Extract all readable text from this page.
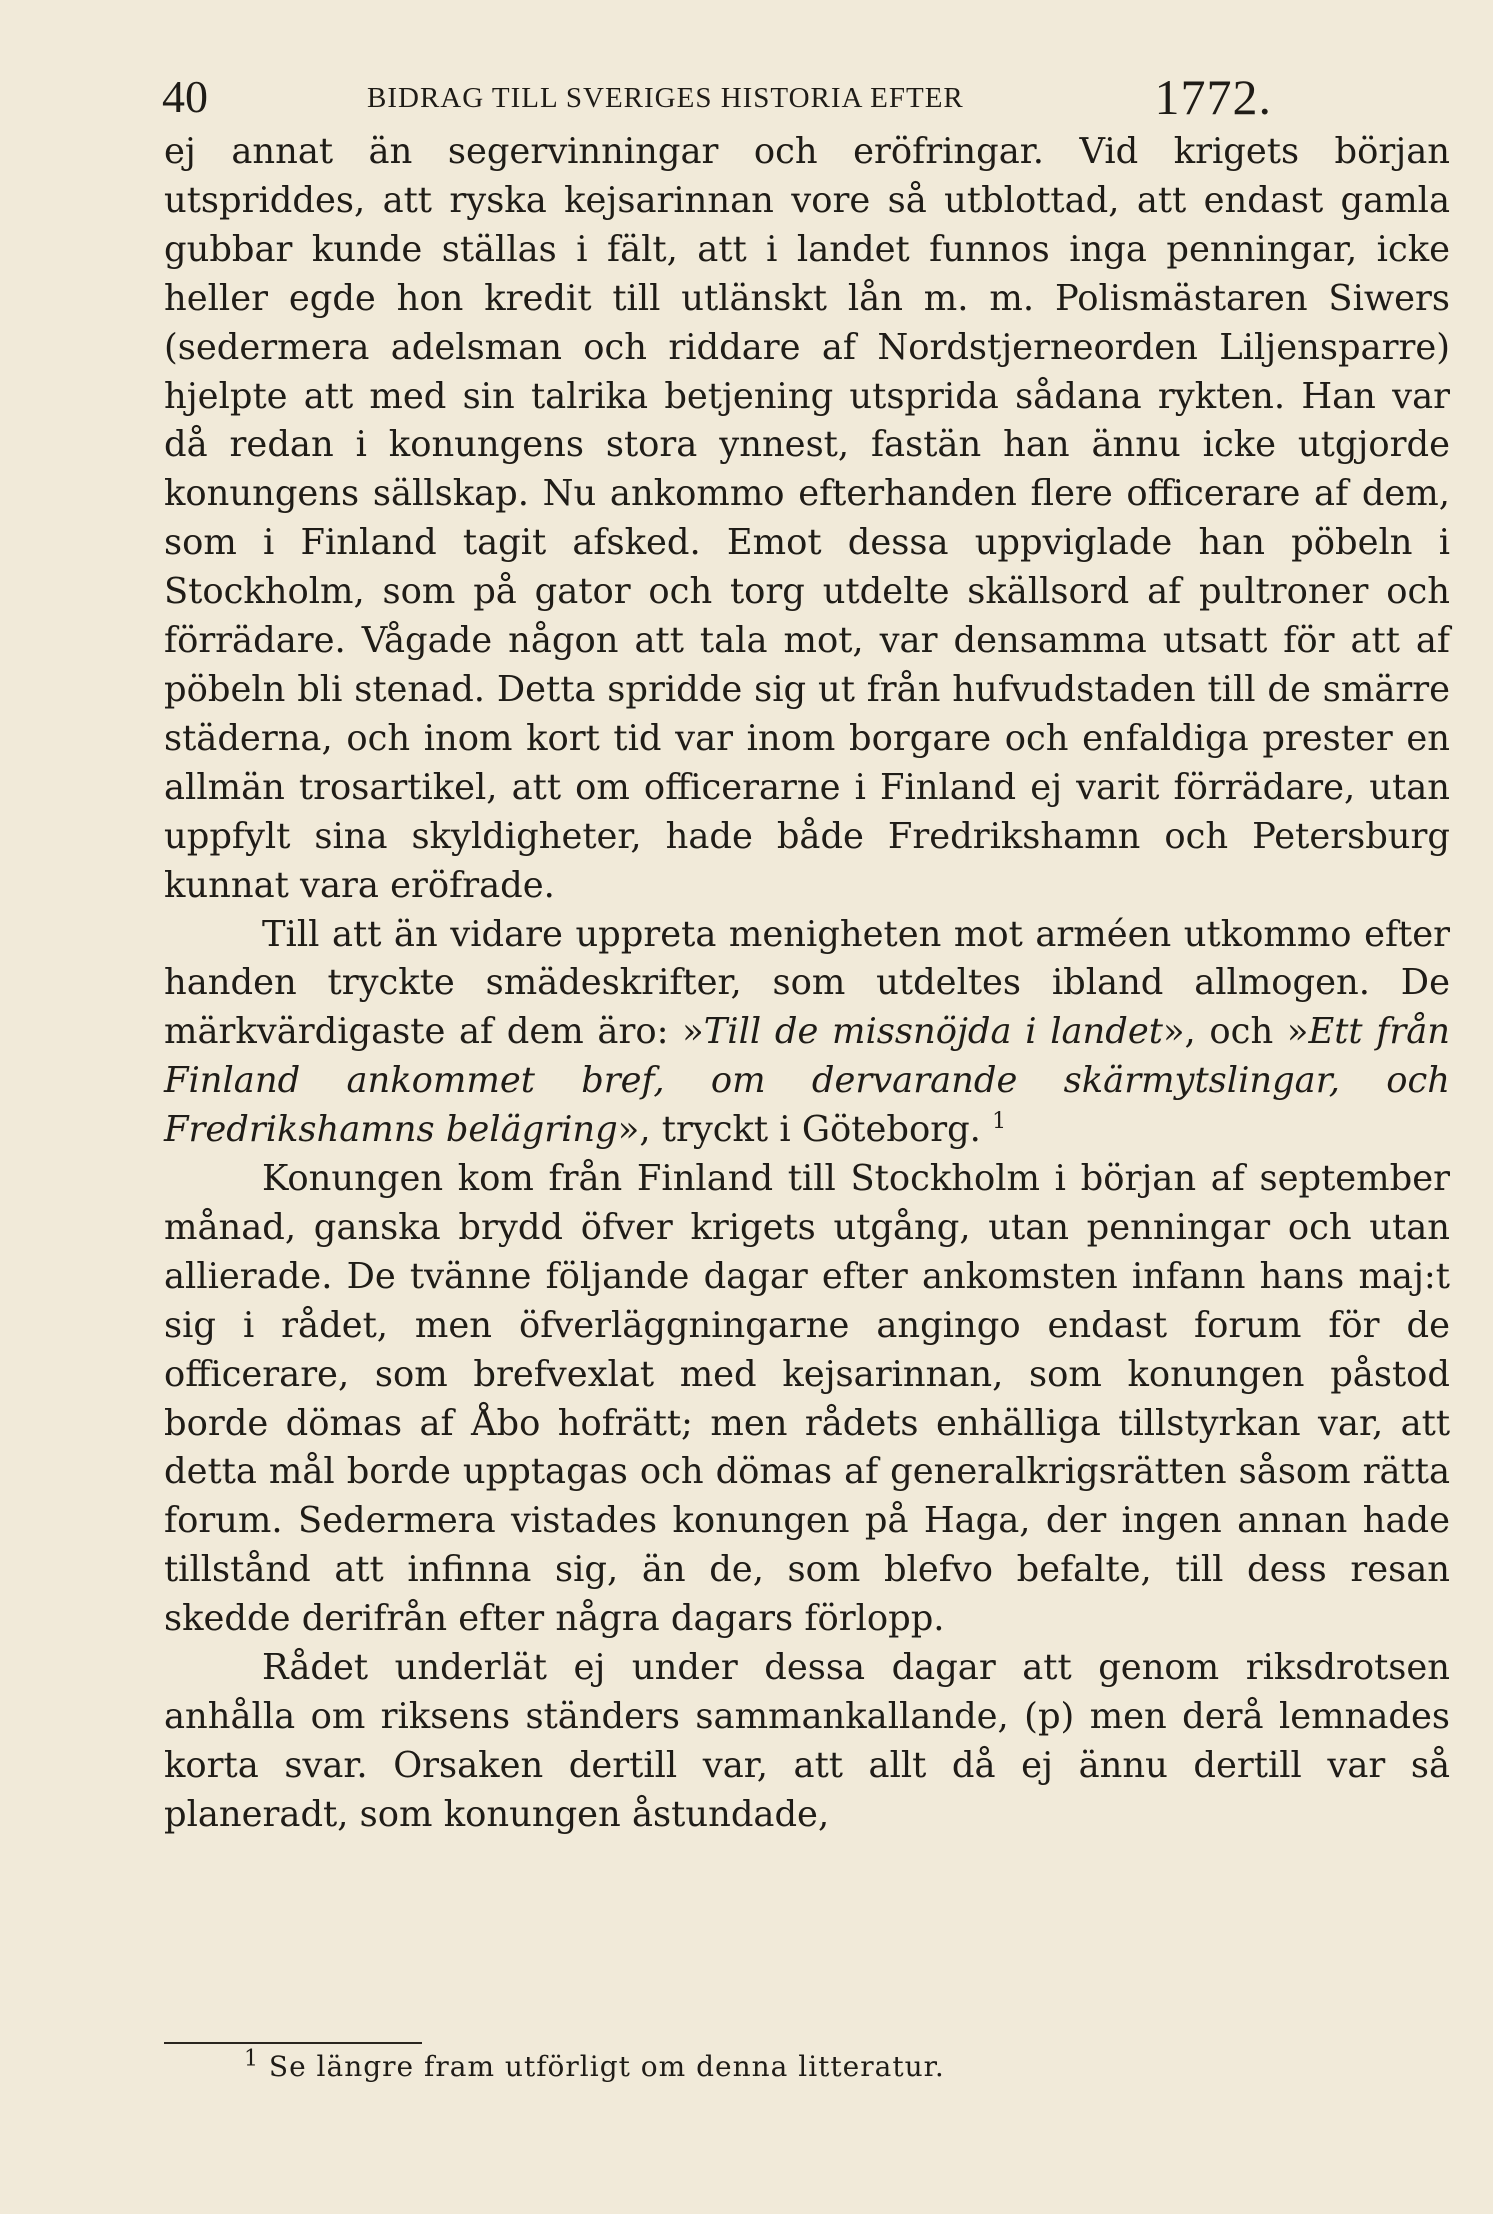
40	BIDRAG TILL SVERIGES HISTORIA EFTER	1772.

ej annat än segervinningar och eröfringar. Vid krigets början utspriddes, att ryska kejsarinnan vore så utblottad, att endast gamla gubbar kunde ställas i fält, att i landet funnos inga penningar, icke heller egde hon kredit till utlänskt lån m. m. Polismästaren Siwers (sedermera adelsman och riddare af Nordstjerneorden Liljensparre) hjelpte att med sin talrika betjening utsprida sådana rykten. Han var då redan i konungens stora ynnest, fastän han ännu icke utgjorde konungens sällskap. Nu ankommo efterhanden flere officerare af dem, som i Finland tagit afsked. Emot dessa uppviglade han pöbeln i Stockholm, som på gator och torg utdelte skällsord af pultroner och förrädare. Vågade någon att tala mot, var densamma utsatt för att af pöbeln bli stenad. Detta spridde sig ut från hufvudstaden till de smärre städerna, och inom kort tid var inom borgare och enfaldiga prester en allmän trosartikel, att om officerarne i Finland ej varit förrädare, utan uppfylt sina skyldigheter, hade både Fredrikshamn och Petersburg kunnat vara eröfrade.

Till att än vidare uppreta menigheten mot arméen utkommo efter handen tryckte smädeskrifter, som utdeltes ibland allmogen. De märkvärdigaste af dem äro: »Till de missnöjda i landet», och »Ett från Finland ankommet bref, om dervarande skärmytslingar, och Fredrikshamns belägring», tryckt i Göteborg. $^1$

Konungen kom från Finland till Stockholm i början af september månad, ganska brydd öfver krigets utgång, utan penningar och utan allierade. De tvänne följande dagar efter ankomsten infann hans maj:t sig i rådet, men öfverläggningarne angingo endast forum för de officerare, som brefvexlat med kejsarinnan, som konungen påstod borde dömas af Åbo hofrätt; men rådets enhälliga tillstyrkan var, att detta mål borde upptagas och dömas af generalkrigsrätten såsom rätta forum. Sedermera vistades konungen på Haga, der ingen annan hade tillstånd att infinna sig, än de, som blefvo befalte, till dess resan skedde derifrån efter några dagars förlopp.

Rådet underlät ej under dessa dagar att genom riksdrotsen anhålla om riksens ständers sammankallande, (p) men derå lemnades korta svar. Orsaken dertill var, att allt då ej ännu dertill var så planeradt, som konungen åstundade,

$^1$ Se längre fram utförligt om denna litteratur.
